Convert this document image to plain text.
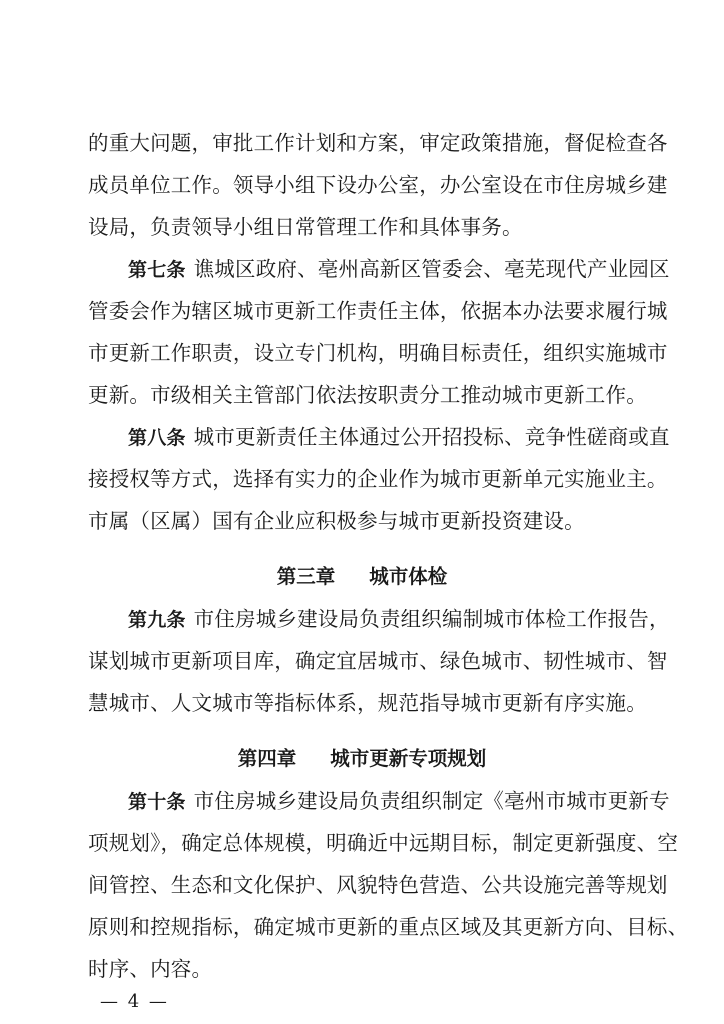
的重大问题，审批工作计划和方案，审定政策措施，督促检查各
成员单位工作。领导小组下设办公室，办公室设在市住房城乡建
设局，负责领导小组日常管理工作和具体事务。
第七条 谯城区政府、亳州高新区管委会、亳芜现代产业园区
管委会作为辖区城市更新工作责任主体，依据本办法要求履行城
市更新工作职责，设立专门机构，明确目标责任，组织实施城市
更新。市级相关主管部门依法按职责分工推动城市更新工作。
第八条 城市更新责任主体通过公开招投标、竞争性磋商或直
接授权等方式，选择有实力的企业作为城市更新单元实施业主。
市属（区属）国有企业应积极参与城市更新投资建设。
第三章 城市体检
第九条 市住房城乡建设局负责组织编制城市体检工作报告，
谋划城市更新项目库，确定宜居城市、绿色城市、韧性城市、智
慧城市、人文城市等指标体系，规范指导城市更新有序实施。
第四章 城市更新专项规划
第十条 市住房城乡建设局负责组织制定《亳州市城市更新专
项规划》，确定总体规模，明确近中远期目标，制定更新强度、空
间管控、生态和文化保护、风貌特色营造、公共设施完善等规划
原则和控规指标，确定城市更新的重点区域及其更新方向、目标、
时序、内容。
— 4 —
